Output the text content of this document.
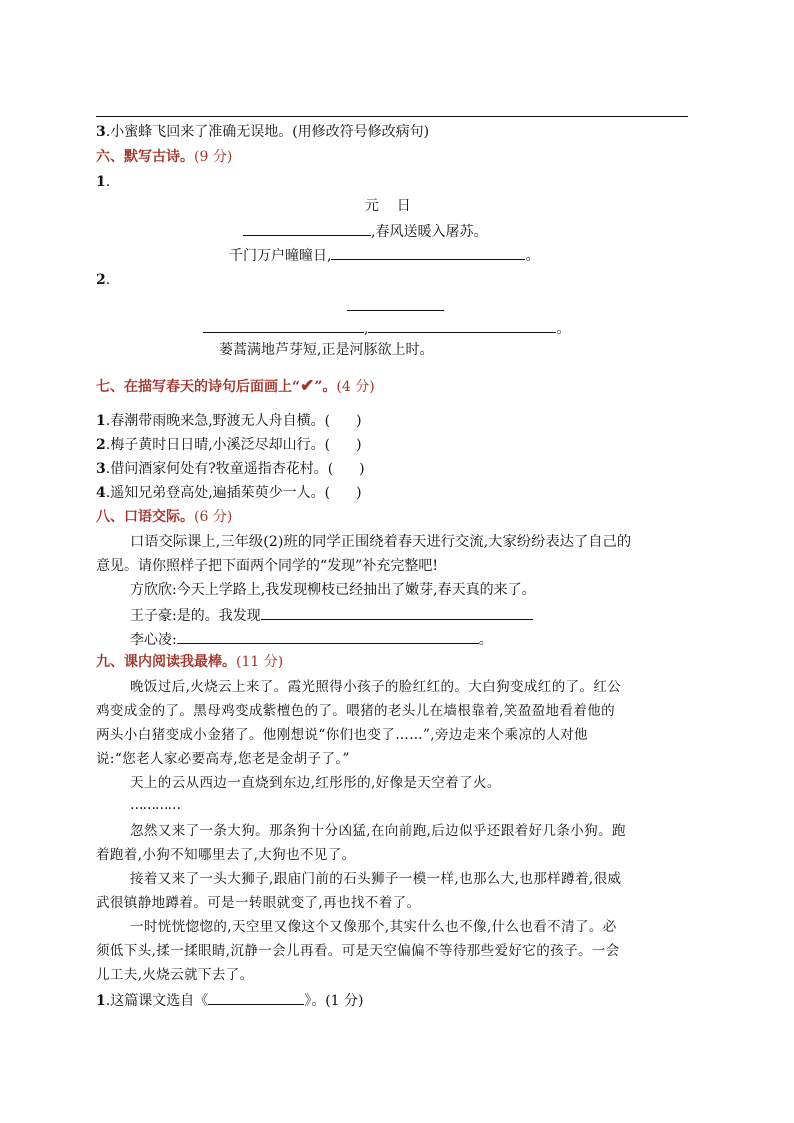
3.小蜜蜂飞回来了准确无误地。(用修改符号修改病句)
六、默写古诗。(9 分)
1.
元    日
,春风送暖入屠苏。
千门万户曈曈日,	。
2.
,	。
蒌蒿满地芦芽短,正是河豚欲上时。
七、在描写春天的诗句后面画上“✔”。(4 分)
1.春潮带雨晚来急,野渡无人舟自横。( )
2.梅子黄时日日晴,小溪泛尽却山行。( )
3.借问酒家何处有?牧童遥指杏花村。( )
4.遥知兄弟登高处,遍插茱萸少一人。( )
八、口语交际。(6 分)
口语交际课上,三年级(2)班的同学正围绕着春天进行交流,大家纷纷表达了自己的
意见。请你照样子把下面两个同学的“发现”补充完整吧!
方欣欣:今天上学路上,我发现柳枝已经抽出了嫩芽,春天真的来了。
王子豪:是的。我发现
李心凌:	。
九、课内阅读我最棒。(11 分)
晚饭过后,火烧云上来了。霞光照得小孩子的脸红红的。大白狗变成红的了。红公
鸡变成金的了。黑母鸡变成紫檀色的了。喂猪的老头儿在墙根靠着,笑盈盈地看着他的
两头小白猪变成小金猪了。他刚想说“你们也变了……”,旁边走来个乘凉的人对他
说:“您老人家必要高寿,您老是金胡子了。”
天上的云从西边一直烧到东边,红彤彤的,好像是天空着了火。
…………
忽然又来了一条大狗。那条狗十分凶猛,在向前跑,后边似乎还跟着好几条小狗。跑
着跑着,小狗不知哪里去了,大狗也不见了。
接着又来了一头大狮子,跟庙门前的石头狮子一模一样,也那么大,也那样蹲着,很威
武很镇静地蹲着。可是一转眼就变了,再也找不着了。
一时恍恍惚惚的,天空里又像这个又像那个,其实什么也不像,什么也看不清了。必
须低下头,揉一揉眼睛,沉静一会儿再看。可是天空偏偏不等待那些爱好它的孩子。一会
儿工夫,火烧云就下去了。
1.这篇课文选自《	》。(1 分)
